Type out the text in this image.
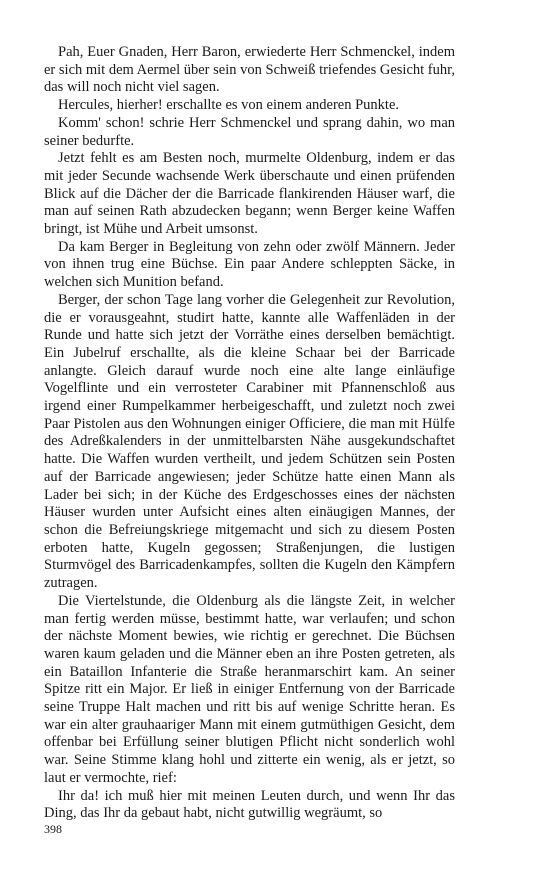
Pah, Euer Gnaden, Herr Baron, erwiederte Herr Schmenckel, indem er sich mit dem Aermel über sein von Schweiß triefendes Gesicht fuhr, das will noch nicht viel sagen.

Hercules, hierher! erschallte es von einem anderen Punkte.

Komm' schon! schrie Herr Schmenckel und sprang dahin, wo man seiner bedurfte.

Jetzt fehlt es am Besten noch, murmelte Oldenburg, indem er das mit jeder Secunde wachsende Werk überschaute und einen prüfenden Blick auf die Dächer der die Barricade flankirenden Häuser warf, die man auf seinen Rath abzudecken begann; wenn Berger keine Waffen bringt, ist Mühe und Arbeit umsonst.

Da kam Berger in Begleitung von zehn oder zwölf Männern. Jeder von ihnen trug eine Büchse. Ein paar Andere schleppten Säcke, in welchen sich Munition befand.

Berger, der schon Tage lang vorher die Gelegenheit zur Revolution, die er vorausgeahnt, studirt hatte, kannte alle Waffenläden in der Runde und hatte sich jetzt der Vorräthe eines derselben bemächtigt. Ein Jubelruf erschallte, als die kleine Schaar bei der Barricade anlangte. Gleich darauf wurde noch eine alte lange einläufige Vogelflinte und ein verrosteter Carabiner mit Pfannenschloß aus irgend einer Rumpelkammer herbeigeschafft, und zuletzt noch zwei Paar Pistolen aus den Wohnungen einiger Officiere, die man mit Hülfe des Adreßkalenders in der unmittelbarsten Nähe ausgekundschaftet hatte. Die Waffen wurden vertheilt, und jedem Schützen sein Posten auf der Barricade angewiesen; jeder Schütze hatte einen Mann als Lader bei sich; in der Küche des Erdgeschosses eines der nächsten Häuser wurden unter Aufsicht eines alten einäugigen Mannes, der schon die Befreiungskriege mitgemacht und sich zu diesem Posten erboten hatte, Kugeln gegossen; Straßenjungen, die lustigen Sturmvögel des Barricadenkampfes, sollten die Kugeln den Kämpfern zutragen.

Die Viertelstunde, die Oldenburg als die längste Zeit, in welcher man fertig werden müsse, bestimmt hatte, war verlaufen; und schon der nächste Moment bewies, wie richtig er gerechnet. Die Büchsen waren kaum geladen und die Männer eben an ihre Posten getreten, als ein Bataillon Infanterie die Straße heranmarschirt kam. An seiner Spitze ritt ein Major. Er ließ in einiger Entfernung von der Barricade seine Truppe Halt machen und ritt bis auf wenige Schritte heran. Es war ein alter grauhaariger Mann mit einem gutmüthigen Gesicht, dem offenbar bei Erfüllung seiner blutigen Pflicht nicht sonderlich wohl war. Seine Stimme klang hohl und zitterte ein wenig, als er jetzt, so laut er vermochte, rief:

Ihr da! ich muß hier mit meinen Leuten durch, und wenn Ihr das Ding, das Ihr da gebaut habt, nicht gutwillig wegräumt, so

398
